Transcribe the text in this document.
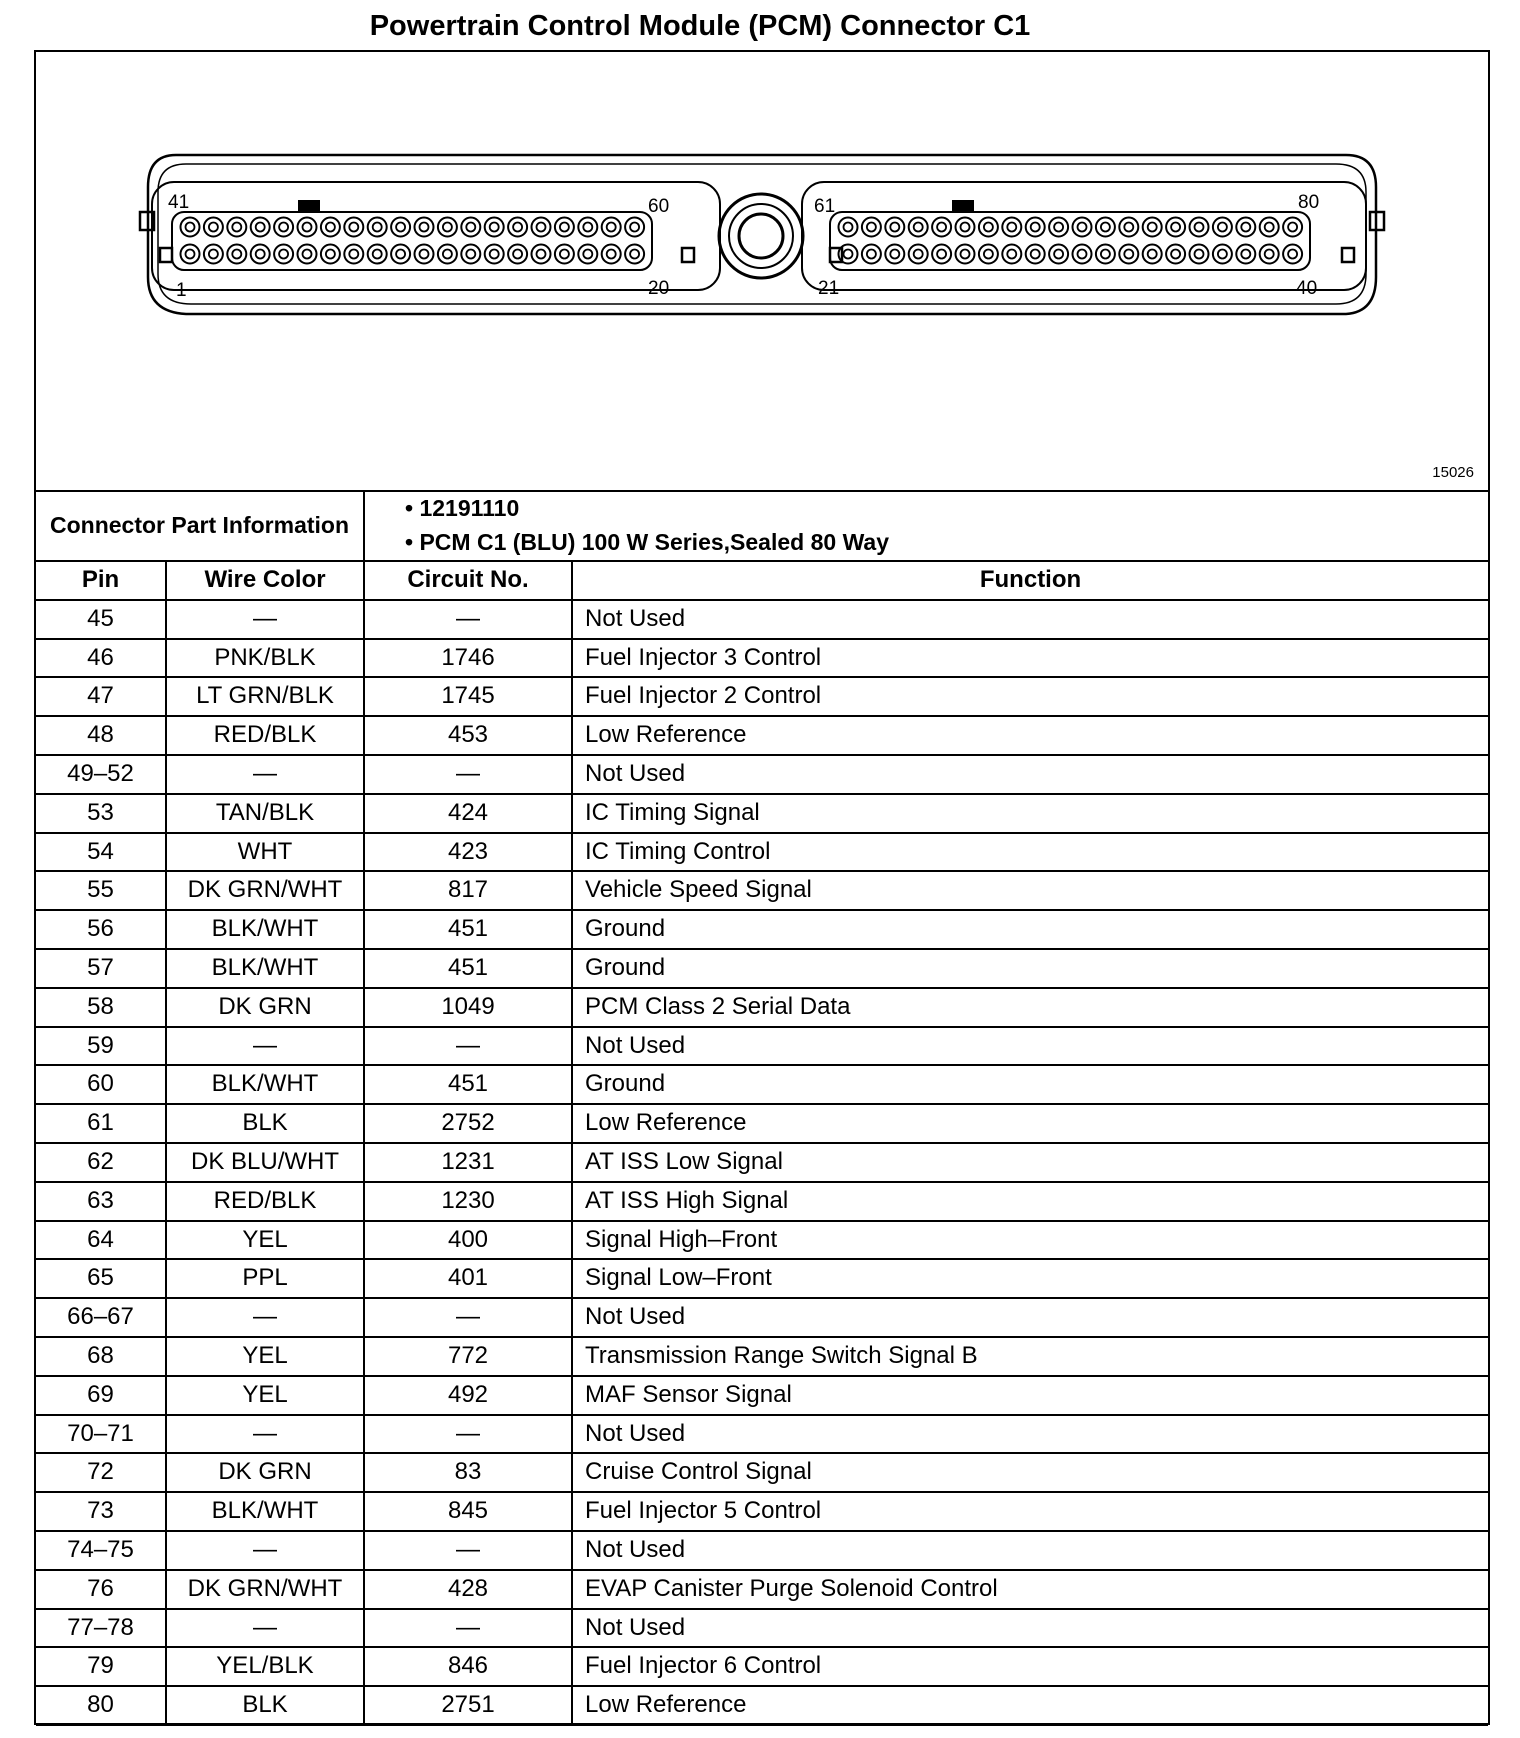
Powertrain Control Module (PCM) Connector C1
41	60
1	20
61	80
21	40
15026
Connector Part Information		• 12191110
• PCM C1 (BLU) 100 W Series,Sealed 80 Way

Pin	Wire Color	Circuit No.	Function
45	—	—	Not Used
46	PNK/BLK	1746	Fuel Injector 3 Control
47	LT GRN/BLK	1745	Fuel Injector 2 Control
48	RED/BLK	453	Low Reference
49–52	—	—	Not Used
53	TAN/BLK	424	IC Timing Signal
54	WHT	423	IC Timing Control
55	DK GRN/WHT	817	Vehicle Speed Signal
56	BLK/WHT	451	Ground
57	BLK/WHT	451	Ground
58	DK GRN	1049	PCM Class 2 Serial Data
59	—	—	Not Used
60	BLK/WHT	451	Ground
61	BLK	2752	Low Reference
62	DK BLU/WHT	1231	AT ISS Low Signal
63	RED/BLK	1230	AT ISS High Signal
64	YEL	400	Signal High–Front
65	PPL	401	Signal Low–Front
66–67	—	—	Not Used
68	YEL	772	Transmission Range Switch Signal B
69	YEL	492	MAF Sensor Signal
70–71	—	—	Not Used
72	DK GRN	83	Cruise Control Signal
73	BLK/WHT	845	Fuel Injector 5 Control
74–75	—	—	Not Used
76	DK GRN/WHT	428	EVAP Canister Purge Solenoid Control
77–78	—	—	Not Used
79	YEL/BLK	846	Fuel Injector 6 Control
80	BLK	2751	Low Reference
